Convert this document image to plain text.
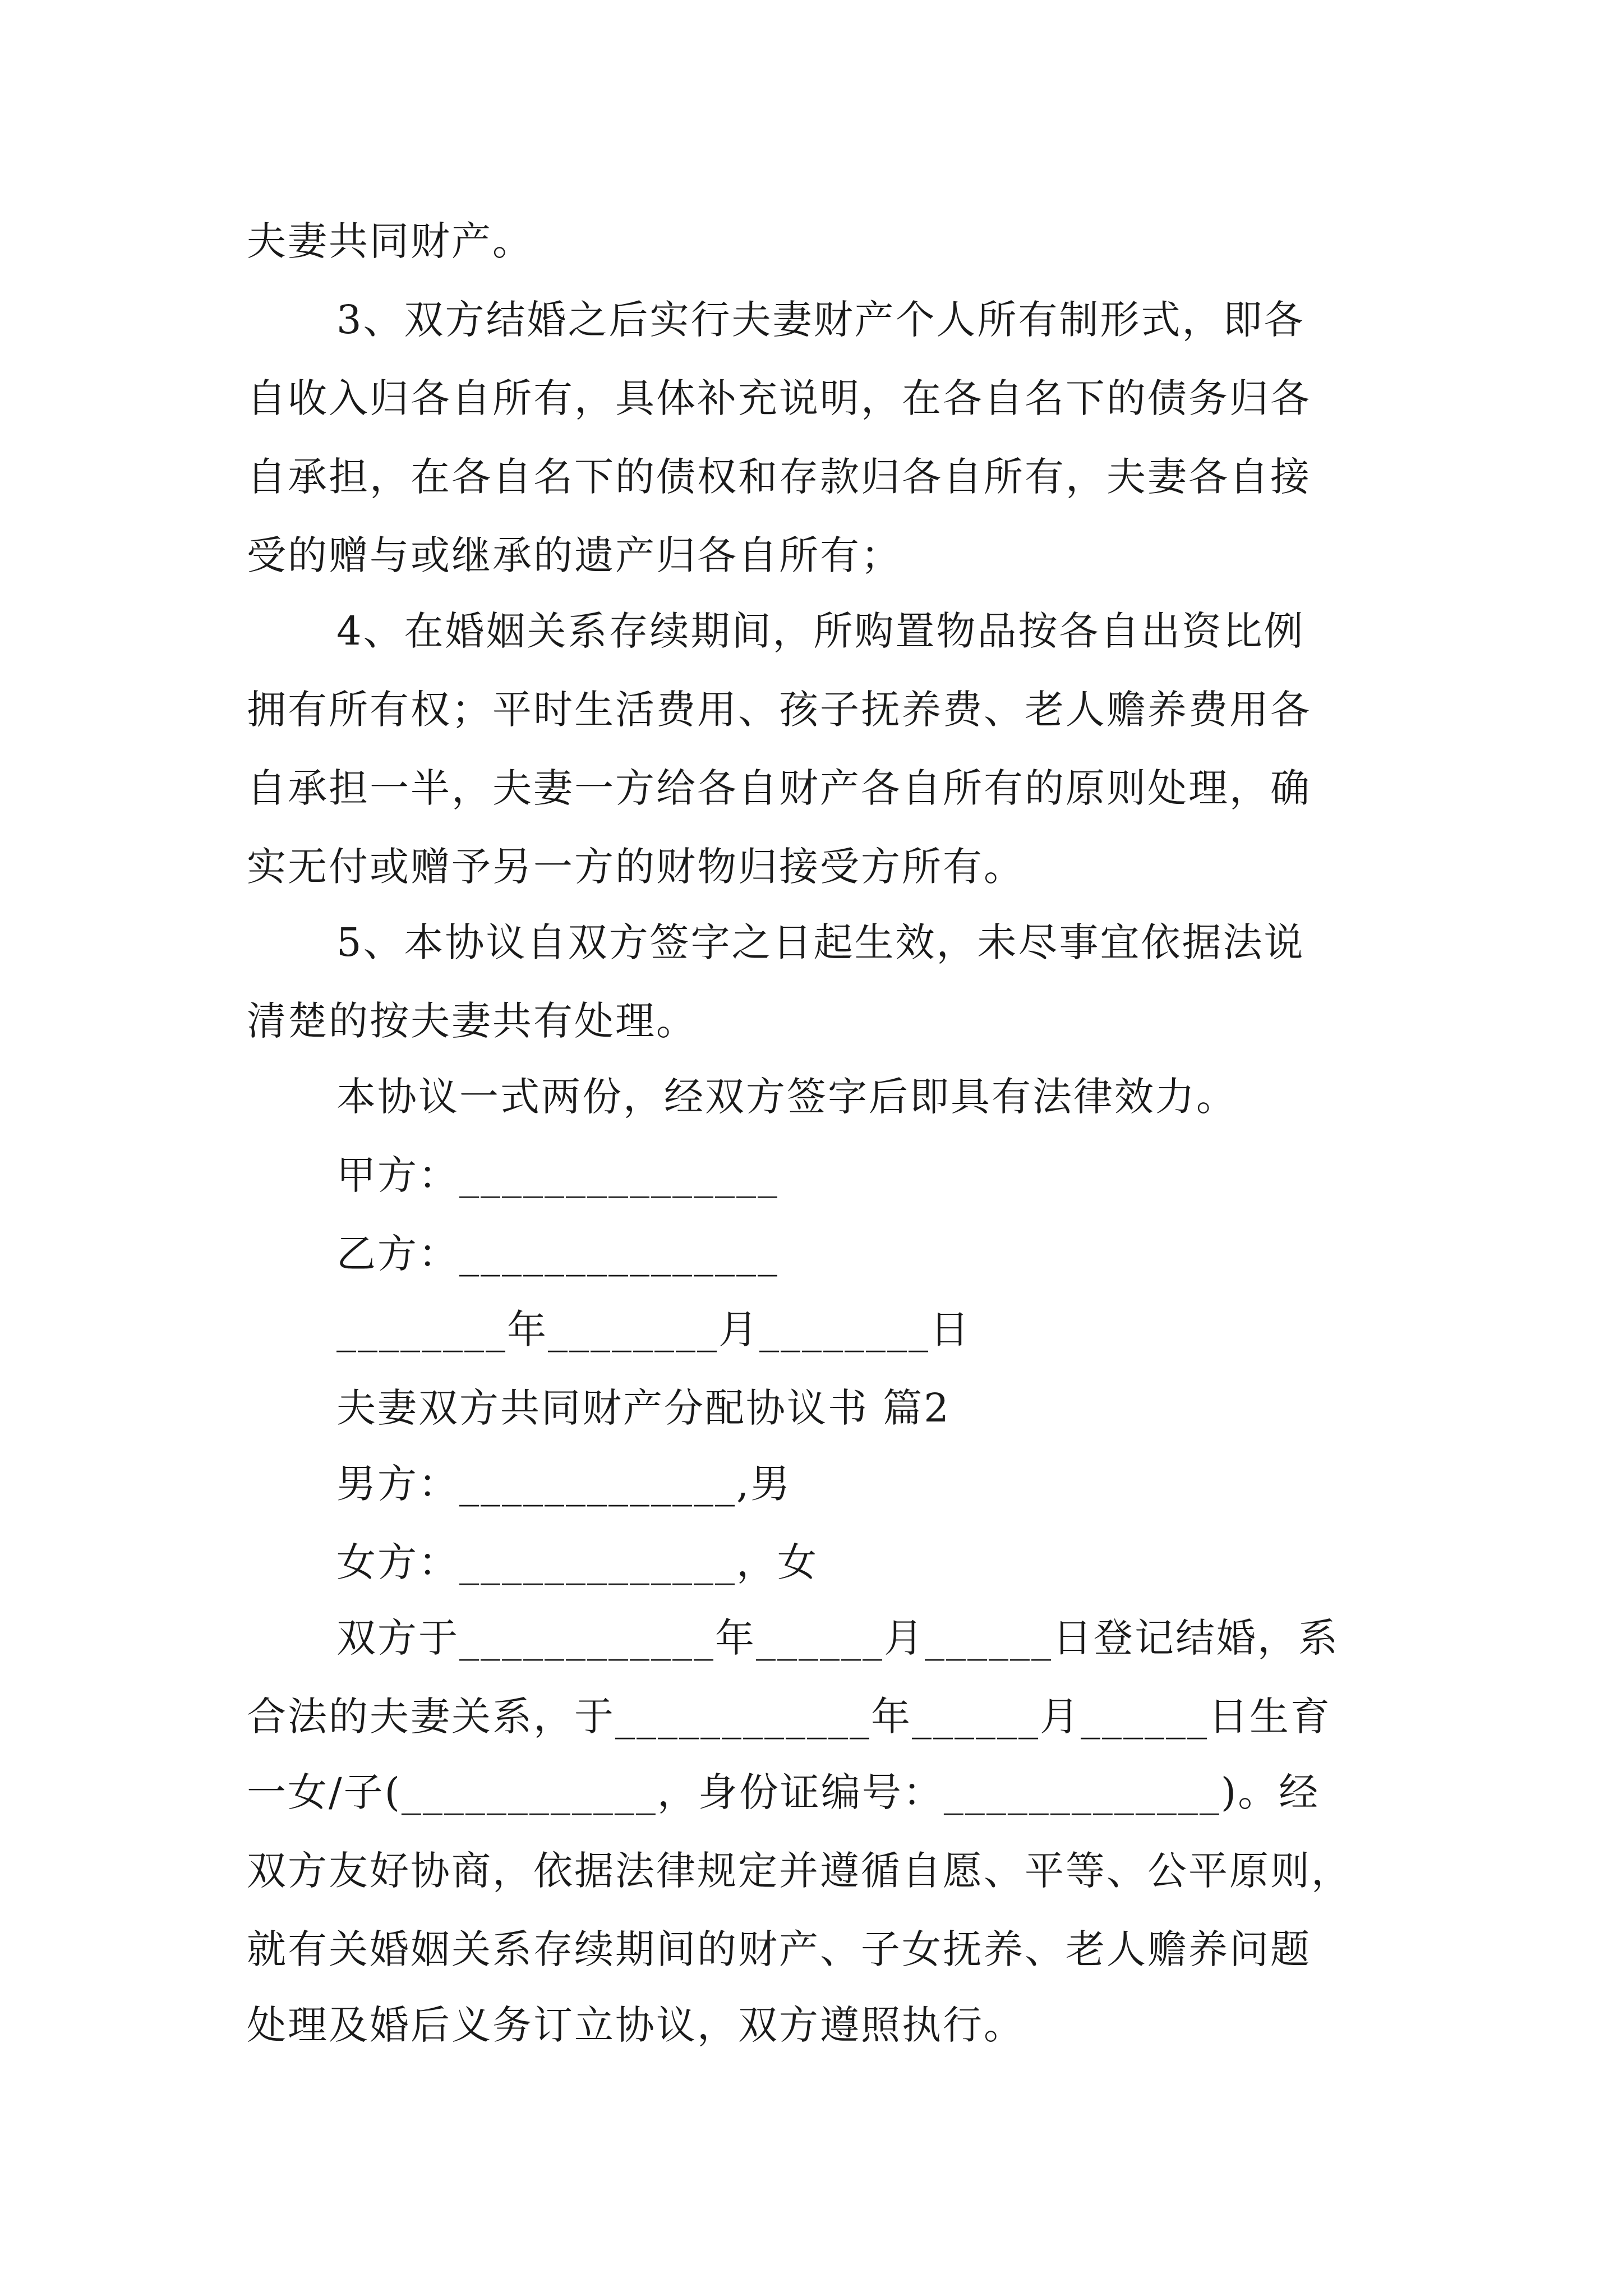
夫妻共同财产。
3、双方结婚之后实行夫妻财产个人所有制形式，即各
自收入归各自所有，具体补充说明，在各自名下的债务归各
自承担，在各自名下的债权和存款归各自所有，夫妻各自接
受的赠与或继承的遗产归各自所有；
4、在婚姻关系存续期间，所购置物品按各自出资比例
拥有所有权；平时生活费用、孩子抚养费、老人赡养费用各
自承担一半，夫妻一方给各自财产各自所有的原则处理，确
实无付或赠予另一方的财物归接受方所有。
5、本协议自双方签字之日起生效，未尽事宜依据法说
清楚的按夫妻共有处理。
本协议一式两份，经双方签字后即具有法律效力。
甲方：_______________
乙方：_______________
________年________月________日
夫妻双方共同财产分配协议书 篇2
男方：_____________,男
女方：_____________，女
双方于____________年______月______日登记结婚，系
合法的夫妻关系，于____________年______月______日生育
一女/子(____________，身份证编号：_____________)。经
双方友好协商，依据法律规定并遵循自愿、平等、公平原则，
就有关婚姻关系存续期间的财产、子女抚养、老人赡养问题
处理及婚后义务订立协议，双方遵照执行。
